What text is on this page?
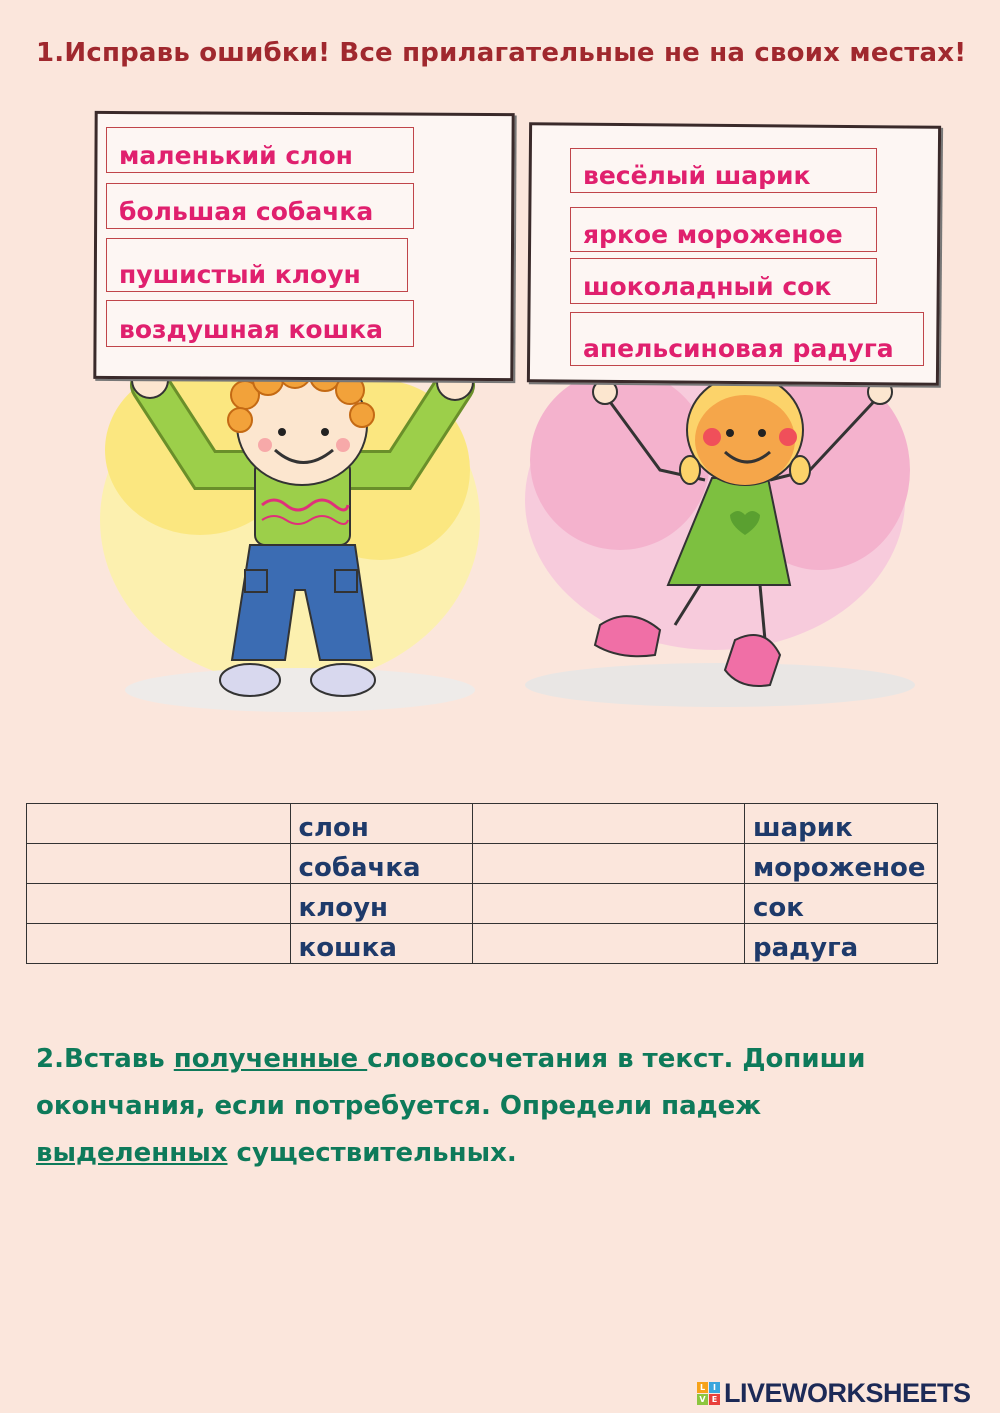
1.Исправь ошибки! Все прилагательные не на своих местах!
маленький слон
большая собачка
пушистый клоун
воздушная кошка
весёлый шарик
яркое мороженое
шоколадный сок
апельсиновая радуга
	слон		шарик
	собачка		мороженое
	клоун		сок
	кошка		радуга
2.Вставь полученные словосочетания в текст. Допиши окончания, если потребуется. Определи падеж выделенных существительных.
L I
V E LIVEWORKSHEETS
